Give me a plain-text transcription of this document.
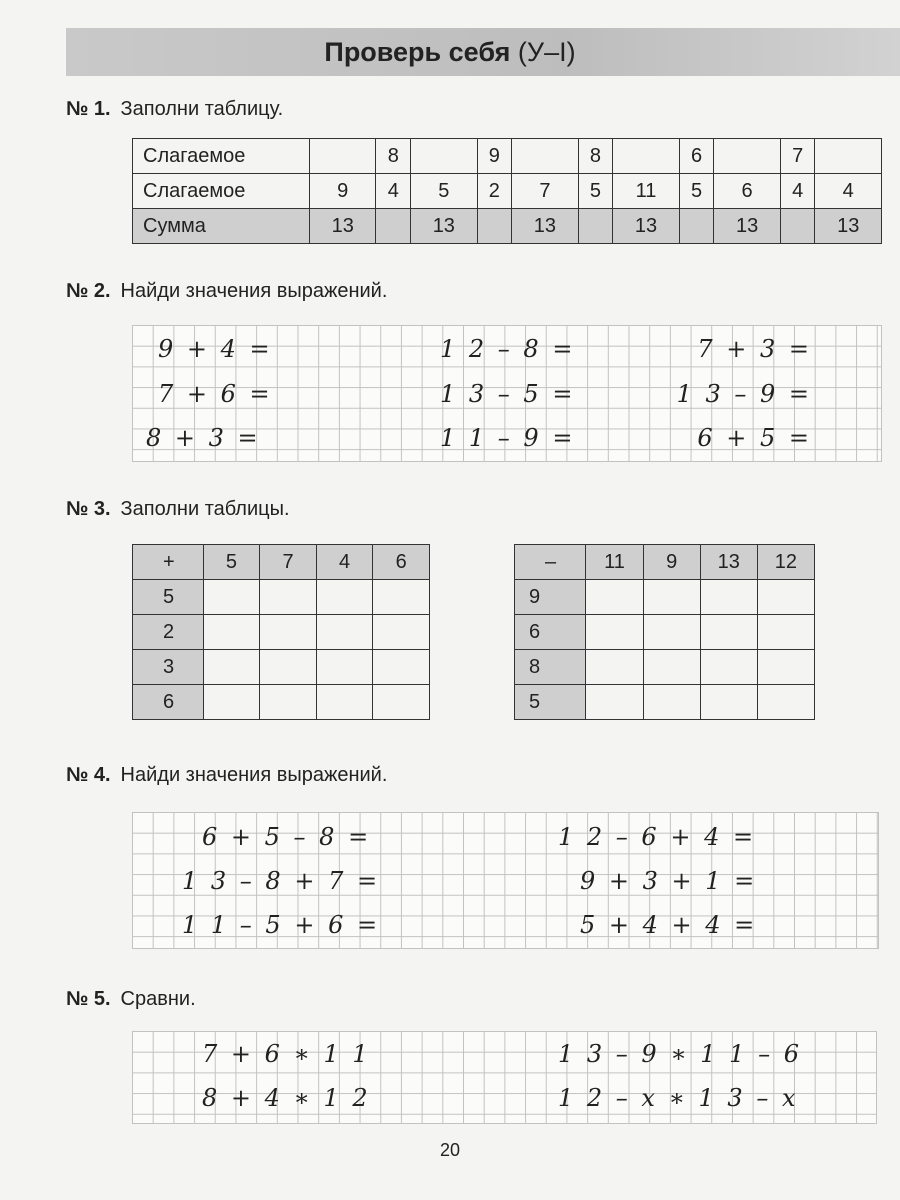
Проверь себя (У–I)
№ 1. Заполни таблицу.
Слагаемое		8		9		8		6		7	
Слагаемое	9	4	5	2	7	5	11	5	6	4	4
Сумма	13		13		13		13		13		13
№ 2. Найди значения выражений.
9 + 4 =
7 + 6 =
8 + 3 =
1 2 – 8 =
1 3 – 5 =
1 1 – 9 =
7 + 3 =
1 3 – 9 =
6 + 5 =
№ 3. Заполни таблицы.
+	5	7	4	6
5				
2				
3				
6				
–	11	9	13	12
9				
6				
8				
5				
№ 4. Найди значения выражений.
6 + 5 – 8 =
1 3 – 8 + 7 =
1 1 – 5 + 6 =
1 2 – 6 + 4 =
9 + 3 + 1 =
5 + 4 + 4 =
№ 5. Сравни.
7 + 6 ∗ 1 1
8 + 4 ∗ 1 2
1 3 – 9 ∗ 1 1 – 6
1 2 – x ∗ 1 3 – x
20
